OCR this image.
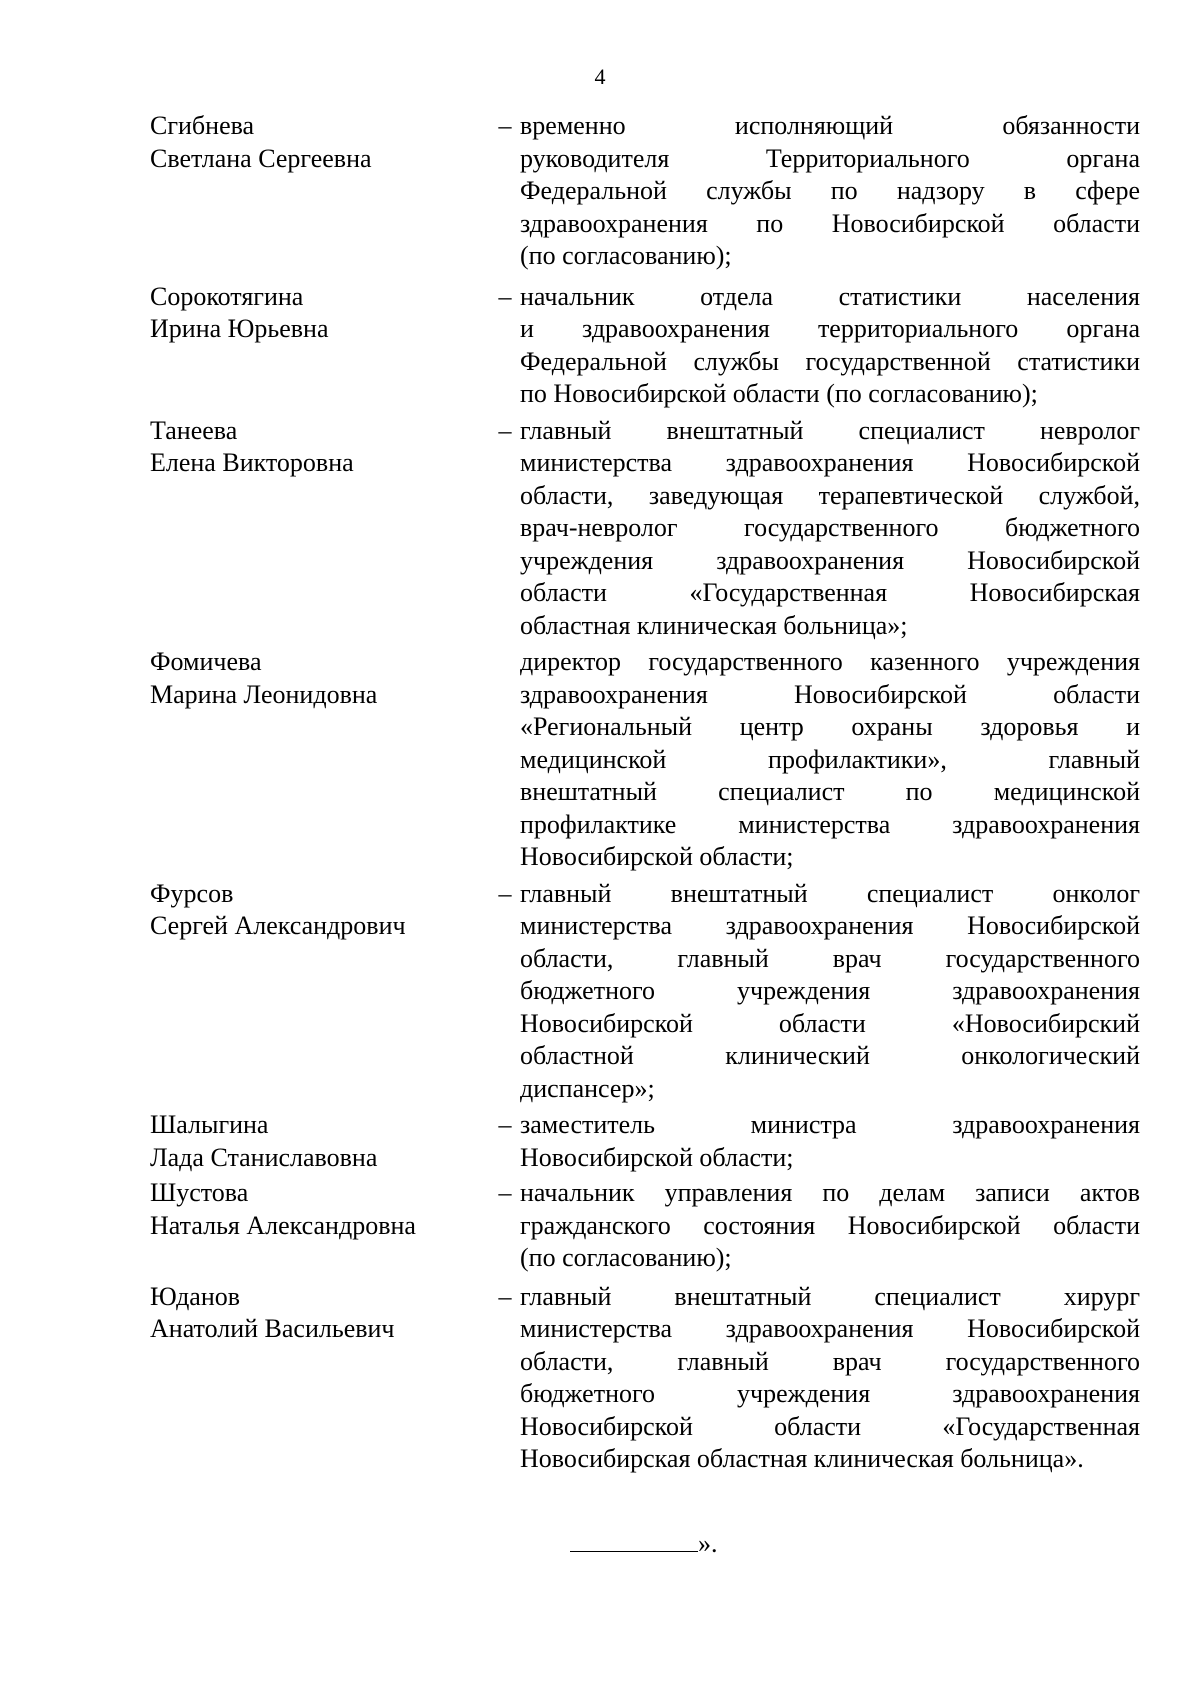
4
Сгибнева
Светлана Сергеевна
– временно исполняющий обязанности
руководителя Территориального органа
Федеральной службы по надзору в сфере
здравоохранения по Новосибирской области
(по согласованию);
Сорокотягина
Ирина Юрьевна
– начальник отдела статистики населения
и здравоохранения территориального органа
Федеральной службы государственной статистики
по Новосибирской области (по согласованию);
Танеева
Елена Викторовна
– главный внештатный специалист невролог
министерства здравоохранения Новосибирской
области, заведующая терапевтической службой,
врач-невролог государственного бюджетного
учреждения здравоохранения Новосибирской
области «Государственная Новосибирская
областная клиническая больница»;
Фомичева
Марина Леонидовна
директор государственного казенного учреждения
здравоохранения Новосибирской области
«Региональный центр охраны здоровья и
медицинской профилактики», главный
внештатный специалист по медицинской
профилактике министерства здравоохранения
Новосибирской области;
Фурсов
Сергей Александрович
– главный внештатный специалист онколог
министерства здравоохранения Новосибирской
области, главный врач государственного
бюджетного учреждения здравоохранения
Новосибирской области «Новосибирский
областной клинический онкологический
диспансер»;
Шалыгина
Лада Станиславовна
– заместитель министра здравоохранения
Новосибирской области;
Шустова
Наталья Александровна
– начальник управления по делам записи актов
гражданского состояния Новосибирской области
(по согласованию);
Юданов
Анатолий Васильевич
– главный внештатный специалист хирург
министерства здравоохранения Новосибирской
области, главный врач государственного
бюджетного учреждения здравоохранения
Новосибирской области «Государственная
Новосибирская областная клиническая больница».
».
